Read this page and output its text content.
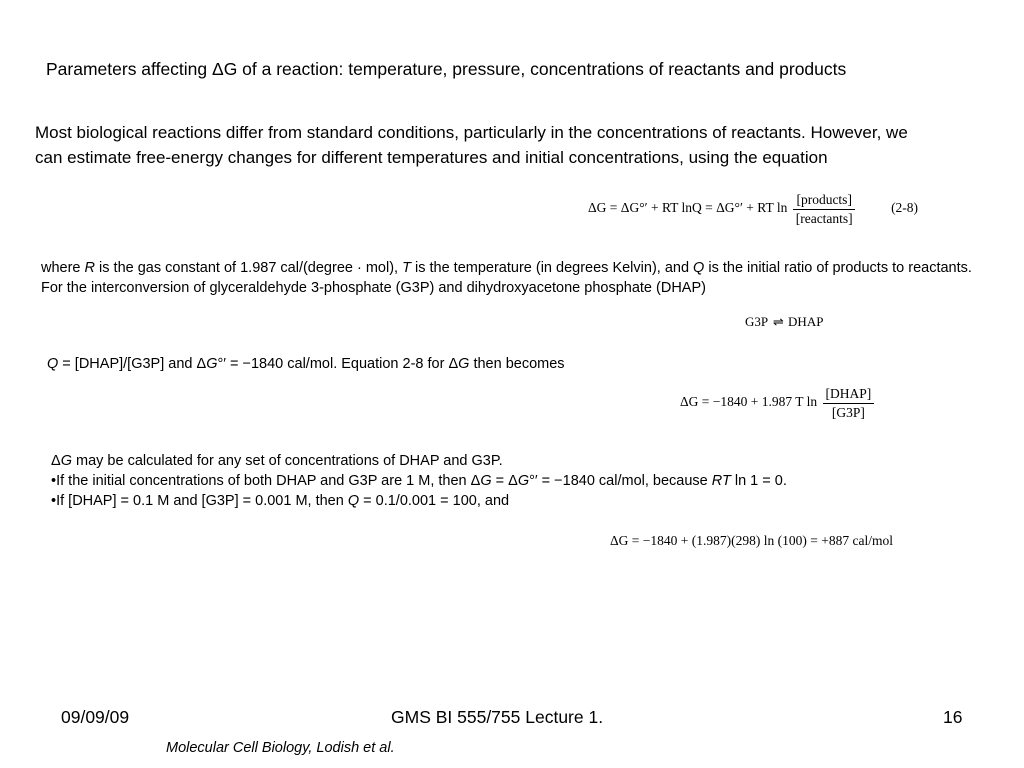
Parameters affecting ΔG of a reaction: temperature, pressure, concentrations of reactants and products
Most biological reactions differ from standard conditions, particularly in the concentrations of reactants. However, we can estimate free-energy changes for different temperatures and initial concentrations, using the equation
ΔG = ΔG°′ + RT lnQ = ΔG°′ + RT $\ln \frac{\text{[products]}}{\text{[reactants]}}$	(2-8)
where R is the gas constant of 1.987 cal/(degree · mol), T is the temperature (in degrees Kelvin), and Q is the initial ratio of products to reactants. For the interconversion of glyceraldehyde 3-phosphate (G3P) and dihydroxyacetone phosphate (DHAP)
G3P ⇌ DHAP
Q = [DHAP]/[G3P] and ΔG°′ = −1840 cal/mol. Equation 2-8 for ΔG then becomes
ΔG = −1840 + 1.987 T $\ln \frac{\text{[DHAP]}}{[G3P]}$
ΔG may be calculated for any set of concentrations of DHAP and G3P.
•If the initial concentrations of both DHAP and G3P are 1 M, then ΔG = ΔG°′ = −1840 cal/mol, because RT ln 1 = 0.
•If [DHAP] = 0.1 M and [G3P] = 0.001 M, then Q = 0.1/0.001 = 100, and
ΔG = −1840 + (1.987)(298) ln (100) = +887 cal/mol
09/09/09	GMS BI 555/755 Lecture 1.	16
Molecular Cell Biology, Lodish et al.
